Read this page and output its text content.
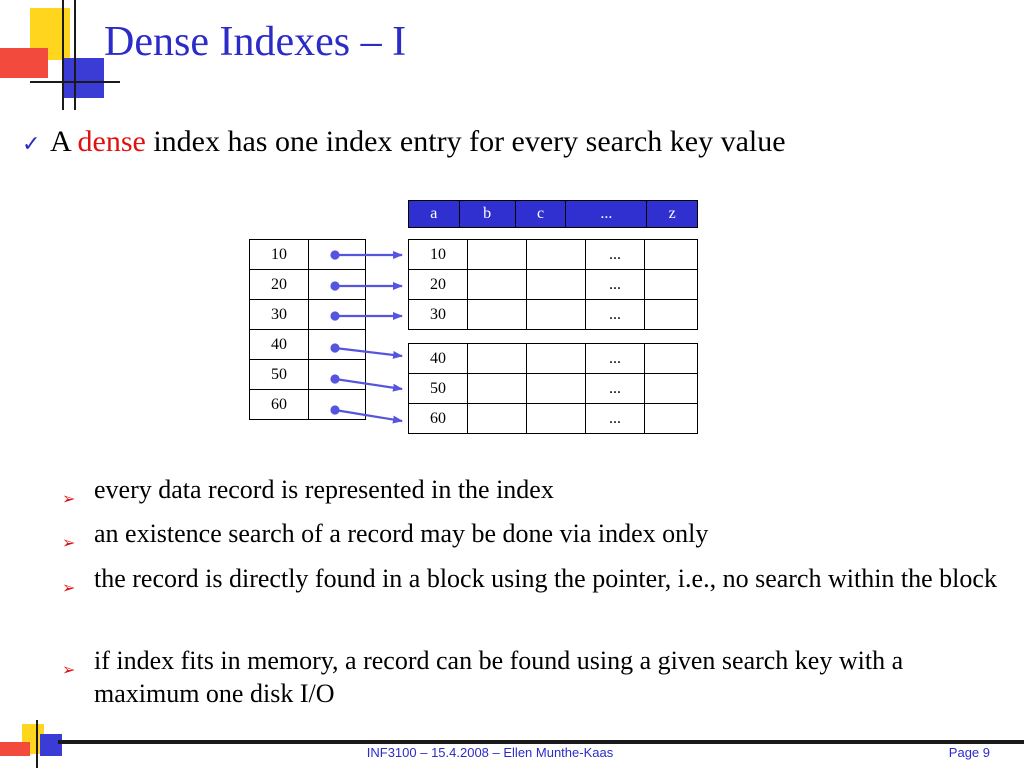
Dense Indexes – I
✓ A dense index has one index entry for every search key value
a	b	c	...	z
10	
20	
30	
40	
50	
60	
10			...	
20			...	
30			...	
40			...	
50			...	
60			...	
➢ every data record is represented in the index
➢ an existence search of a record may be done via index only
➢ the record is directly found in a block using the pointer, i.e., no search within the block
➢ if index fits in memory, a record can be found using a given search key with a maximum one disk I/O
INF3100 – 15.4.2008 – Ellen Munthe-Kaas	Page 9
